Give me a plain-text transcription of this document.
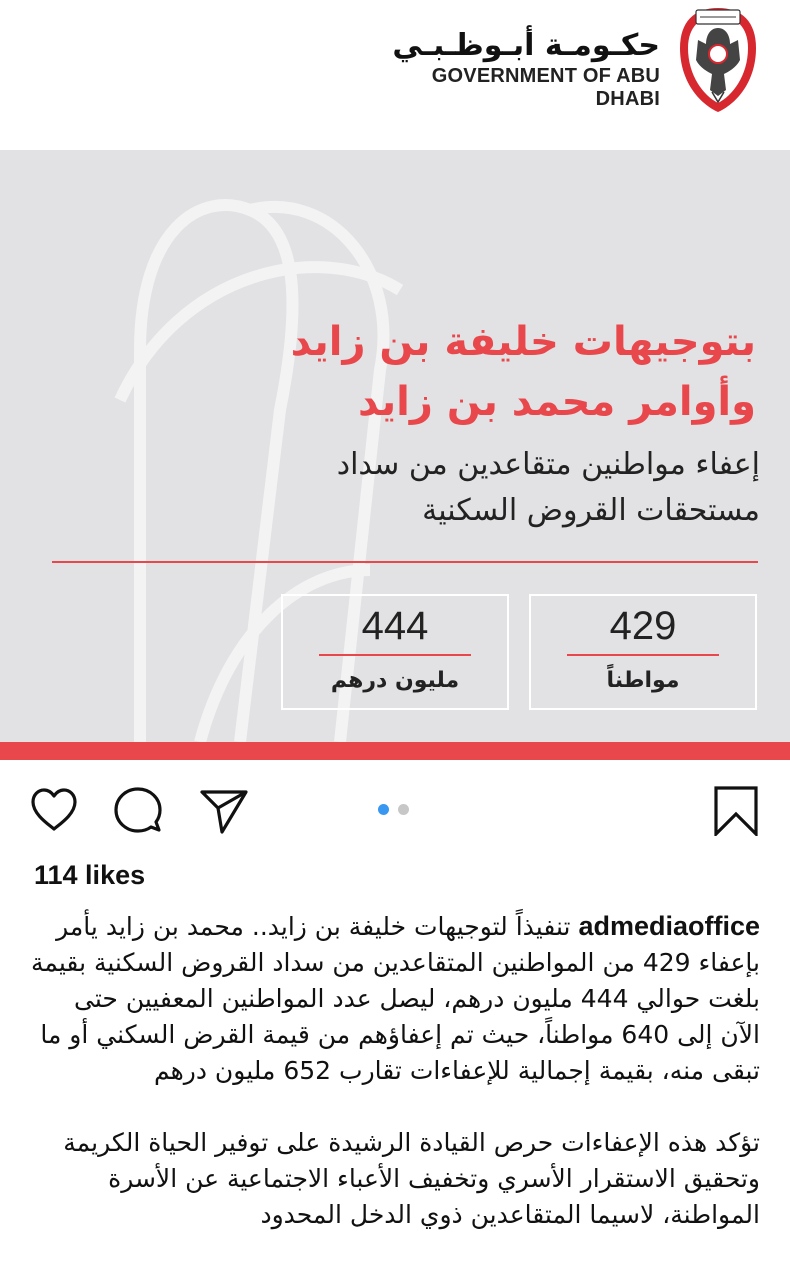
حكـومـة أبـوظـبـي
GOVERNMENT OF ABU DHABI
بتوجيهات خليفة بن زايد
وأوامر محمد بن زايد
إعفاء مواطنين متقاعدين من سداد
مستحقات القروض السكنية
429
مواطناً
444
مليون درهم
114 likes

admediaoffice تنفيذاً لتوجيهات خليفة بن زايد.. محمد بن زايد يأمر بإعفاء 429 من المواطنين المتقاعدين من سداد القروض السكنية بقيمة بلغت حوالي 444 مليون درهم، ليصل عدد المواطنين المعفيين حتى الآن إلى 640 مواطناً، حيث تم إعفاؤهم من قيمة القرض السكني أو ما تبقى منه، بقيمة إجمالية للإعفاءات تقارب 652 مليون درهم

تؤكد هذه الإعفاءات حرص القيادة الرشيدة على توفير الحياة الكريمة وتحقيق الاستقرار الأسري وتخفيف الأعباء الاجتماعية عن الأسرة المواطنة، لاسيما المتقاعدين ذوي الدخل المحدود
